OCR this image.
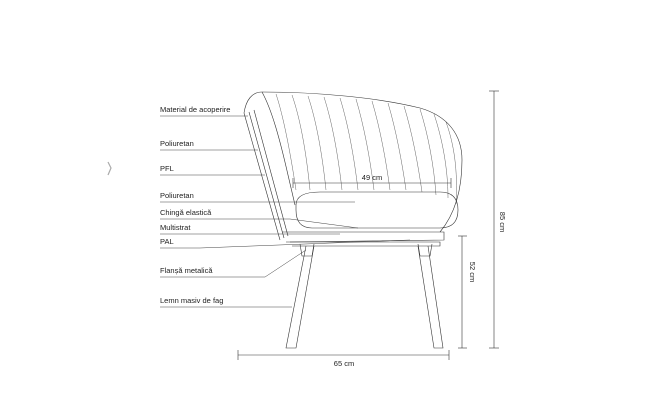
49 cm
52 cm
85 cm
65 cm
Material de acoperire
Poliuretan
PFL
Poliuretan
Chingă elastică
Multistrat
PAL
Flanșă metalică
Lemn masiv de fag
